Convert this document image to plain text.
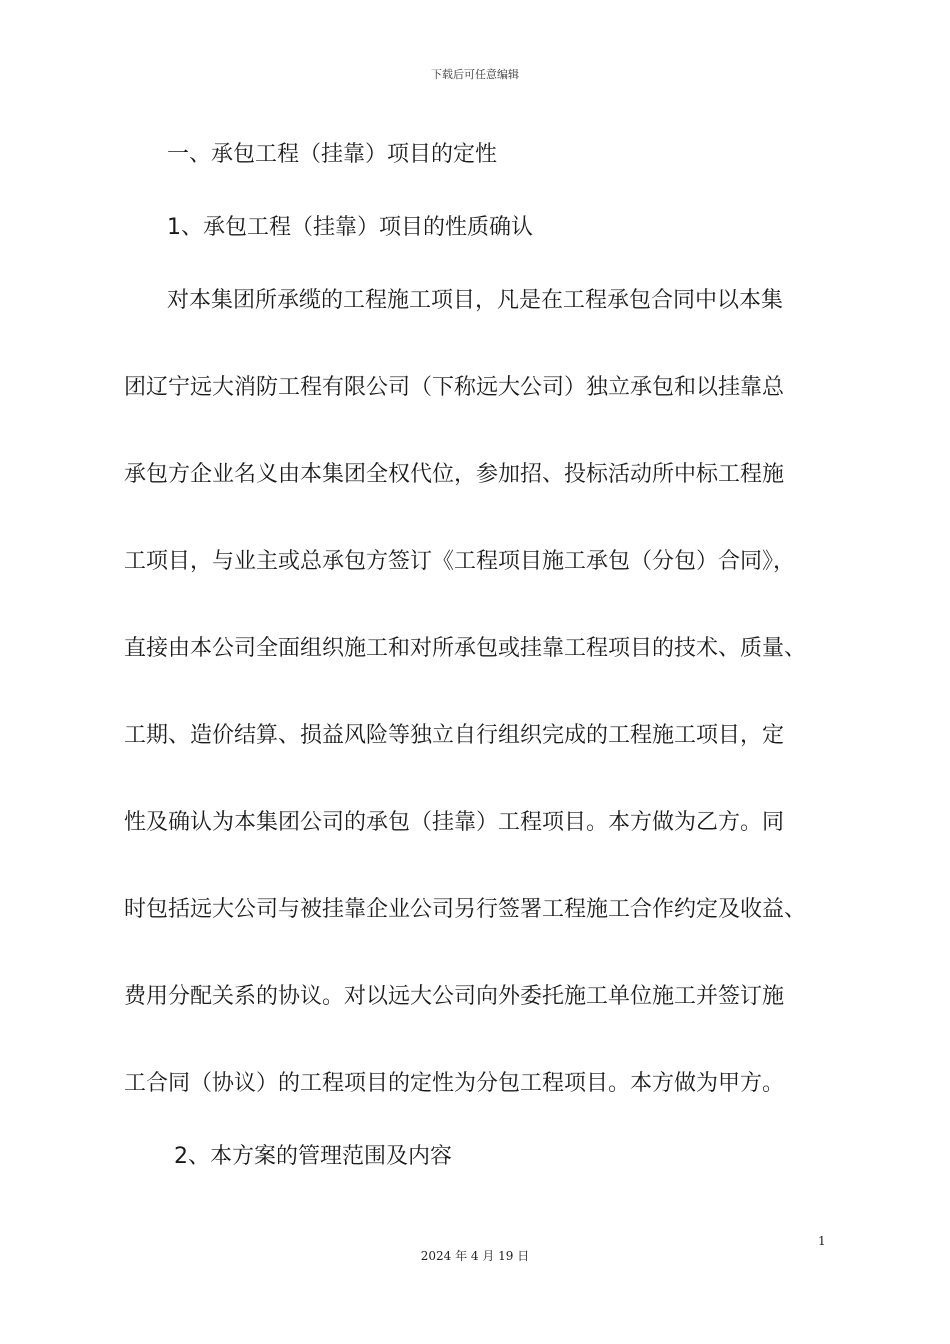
下载后可任意编辑
一、承包工程（挂靠）项目的定性
1、承包工程（挂靠）项目的性质确认
对本集团所承缆的工程施工项目，凡是在工程承包合同中以本集
团辽宁远大消防工程有限公司（下称远大公司）独立承包和以挂靠总
承包方企业名义由本集团全权代位，参加招、投标活动所中标工程施
工项目，与业主或总承包方签订《工程项目施工承包（分包）合同》，
直接由本公司全面组织施工和对所承包或挂靠工程项目的技术、质量、
工期、造价结算、损益风险等独立自行组织完成的工程施工项目，定
性及确认为本集团公司的承包（挂靠）工程项目。本方做为乙方。同
时包括远大公司与被挂靠企业公司另行签署工程施工合作约定及收益、
费用分配关系的协议。对以远大公司向外委托施工单位施工并签订施
工合同（协议）的工程项目的定性为分包工程项目。本方做为甲方。
2、本方案的管理范围及内容
1
2024 年 4 月 19 日
